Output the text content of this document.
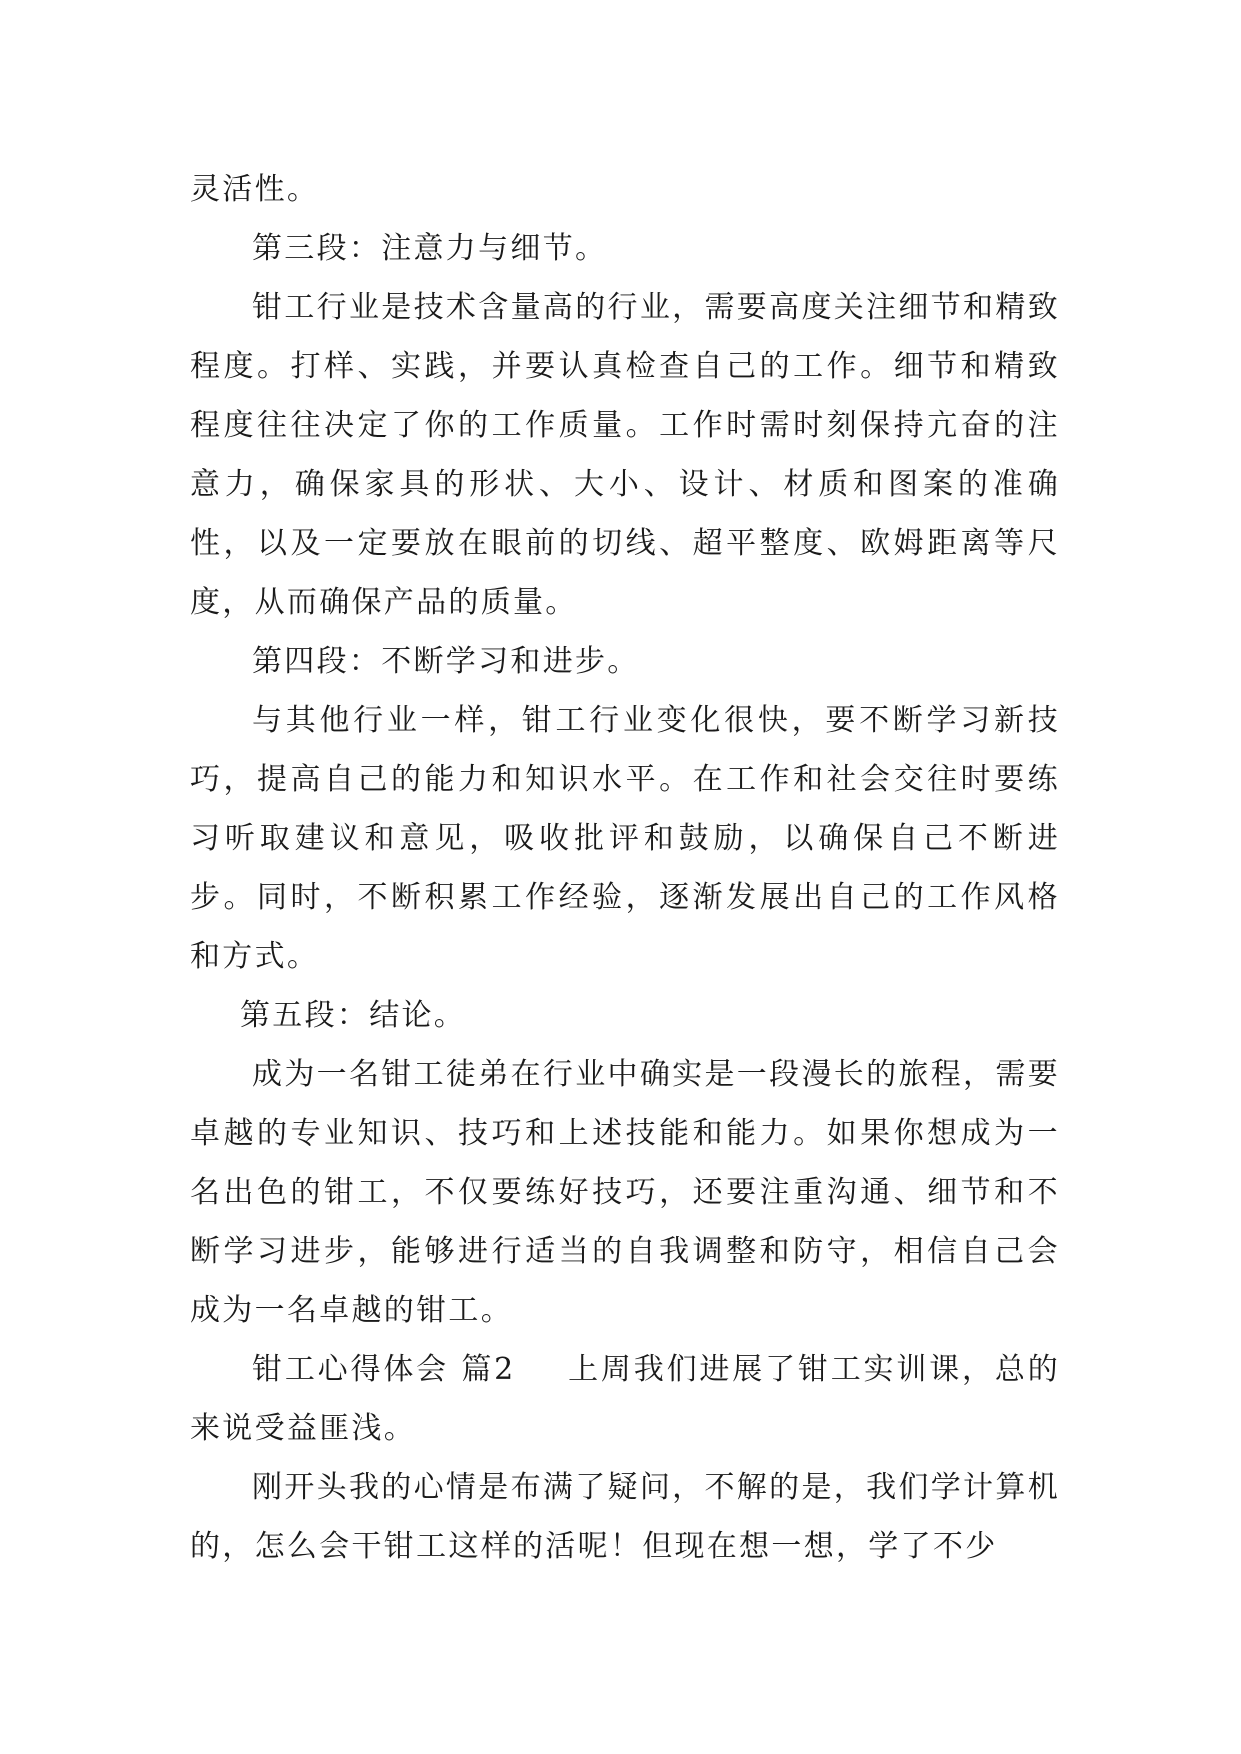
灵活性。

第三段：注意力与细节。

钳工行业是技术含量高的行业，需要高度关注细节和精致程度。打样、实践，并要认真检查自己的工作。细节和精致程度往往决定了你的工作质量。工作时需时刻保持亢奋的注意力，确保家具的形状、大小、设计、材质和图案的准确性，以及一定要放在眼前的切线、超平整度、欧姆距离等尺度，从而确保产品的质量。

第四段：不断学习和进步。

与其他行业一样，钳工行业变化很快，要不断学习新技巧，提高自己的能力和知识水平。在工作和社会交往时要练习听取建议和意见，吸收批评和鼓励，以确保自己不断进步。同时，不断积累工作经验，逐渐发展出自己的工作风格和方式。

第五段：结论。

成为一名钳工徒弟在行业中确实是一段漫长的旅程，需要卓越的专业知识、技巧和上述技能和能力。如果你想成为一名出色的钳工，不仅要练好技巧，还要注重沟通、细节和不断学习进步，能够进行适当的自我调整和防守，相信自己会成为一名卓越的钳工。

钳工心得体会 篇2 上周我们进展了钳工实训课，总的来说受益匪浅。

刚开头我的心情是布满了疑问，不解的是，我们学计算机的，怎么会干钳工这样的活呢！但现在想一想，学了不少
